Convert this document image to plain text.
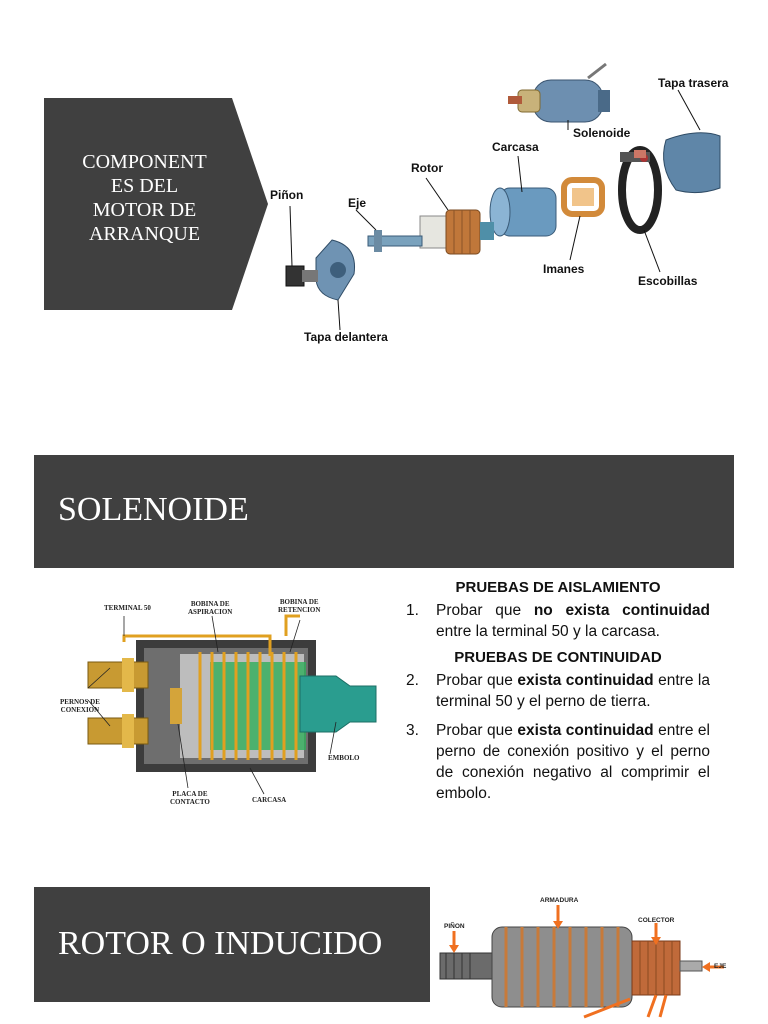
COMPONENT
ES DEL
MOTOR DE
ARRANQUE
Piñon
Eje
Rotor
Carcasa
Solenoide
Tapa trasera
Imanes
Escobillas
Tapa delantera
SOLENOIDE
TERMINAL 50	BOBINA DE
ASPIRACION
BOBINA DE
RETENCION
PERNOS DE
CONEXION
EMBOLO
PLACA DE
CONTACTO	CARCASA

PRUEBAS DE AISLAMIENTO

1.	Probar que no exista continuidad entre la terminal 50 y la carcasa.

PRUEBAS DE CONTINUIDAD

2.	Probar que exista continuidad entre la terminal 50 y el perno de tierra.
3.	Probar que exista continuidad entre el perno de conexión positivo y el perno de conexión negativo al comprimir el embolo.
ROTOR O INDUCIDO	PIÑON
ARMADURA
COLECTOR
EJE
